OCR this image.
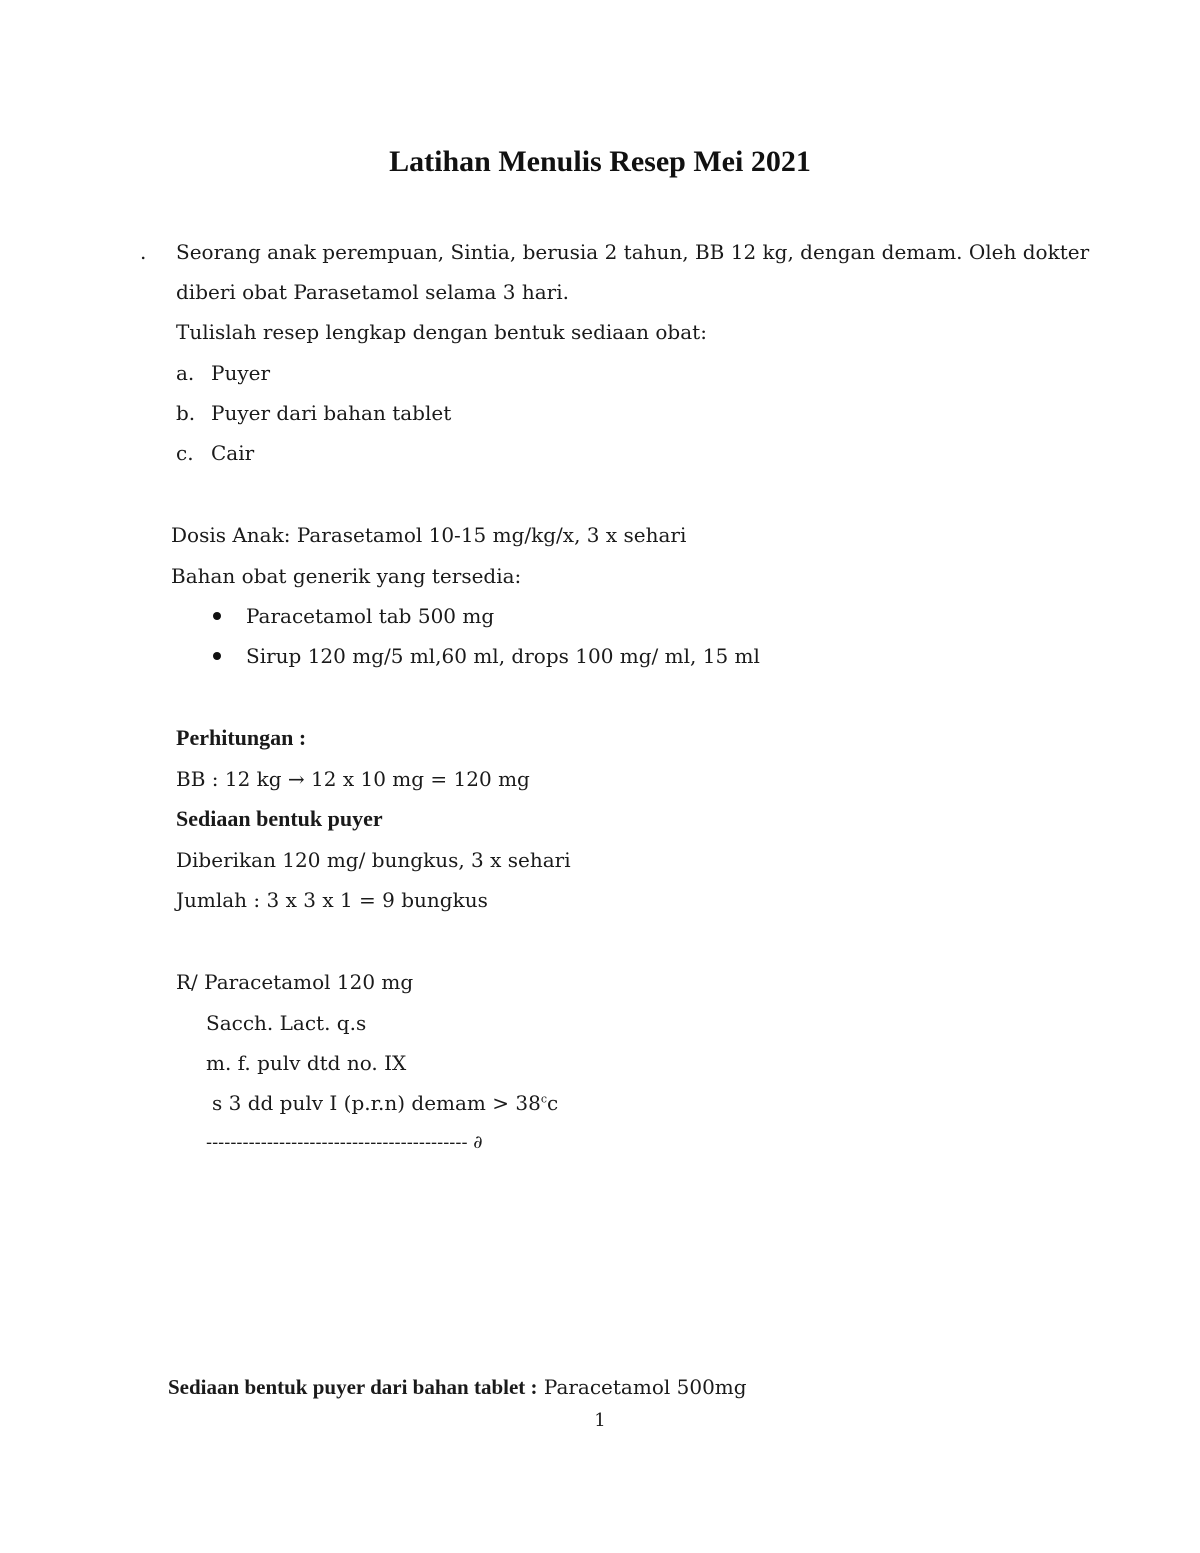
Latihan Menulis Resep Mei 2021
. Seorang anak perempuan, Sintia, berusia 2 tahun, BB 12 kg, dengan demam. Oleh dokter
diberi obat Parasetamol selama 3 hari.
Tulislah resep lengkap dengan bentuk sediaan obat:
a. Puyer
b. Puyer dari bahan tablet
c. Cair
Dosis Anak: Parasetamol 10-15 mg/kg/x, 3 x sehari
Bahan obat generik yang tersedia:
Paracetamol tab 500 mg
Sirup 120 mg/5 ml,60 ml, drops 100 mg/ ml, 15 ml
Perhitungan :
BB : 12 kg → 12 x 10 mg = 120 mg
Sediaan bentuk puyer
Diberikan 120 mg/ bungkus, 3 x sehari
Jumlah : 3 x 3 x 1 = 9 bungkus
R/ Paracetamol 120 mg
Sacch. Lact. q.s
m. f. pulv dtd no. IX
s 3 dd pulv I (p.r.n) demam > $38^cc$
------------------------------------------- ∂
Sediaan bentuk puyer dari bahan tablet : Paracetamol 500mg
1
